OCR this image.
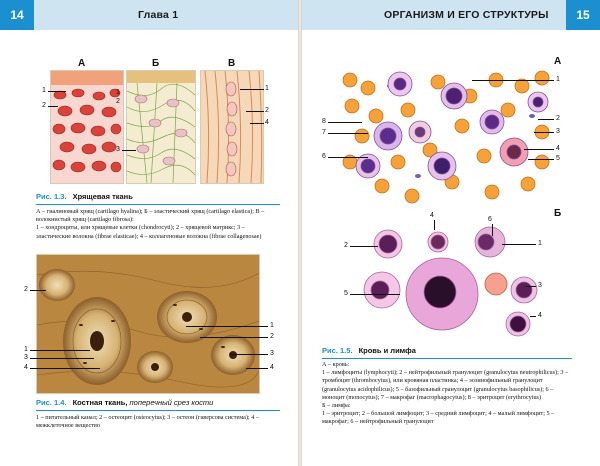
14	Глава 1
А	Б	В
1
2
1
2
3
1
2
4
Рис. 1.3. Хрящевая ткань
А – гиалиновый хрящ (cartilago hyalina); Б – эластический хрящ (cartilago elastica); В – волокнистый хрящ (cartilago fibrosa):
1 – хондроциты, или хрящевые клетки (chondrocyti); 2 – хрящевой матрикс; 3 – эластические волокна (fibrae elasticae); 4 – коллагеновые волокна (fibrae collagenosae)
2
1
3
4
1
2
3
4
Рис. 1.4. Костная ткань, поперечный срез кости
1 – питательный канал; 2 – остеоцит (osteocytus); 3 – остеон (гаверсова система); 4 – межклеточное вещество
15
ОРГАНИЗМ И ЕГО СТРУКТУРЫ
А
8
7
6
1
2
3
4
5
Б
4
6
1
2
3
5
4
Рис. 1.5. Кровь и лимфа
А – кровь:
1 – лимфоциты (lymphocyti); 2 – нейтрофильный гранулоцит (granulocytus neutrophilicus); 3 – тромбоцит (thrombocytus), или кровяная пластинка; 4 – эозинофильный гранулоцит (granulocytus acidophilicus); 5 – базофильный гранулоцит (granulocytus basophilicus); 6 – моноцит (monocytus); 7 – макрофаг (macrophagocytus); 8 – эритроцит (erythrocytus)
Б – лимфа:
1 – эритроцит; 2 – большой лимфоцит; 3 – средний лимфоцит; 4 – малый лимфоцит; 5 – макрофаг; 6 – нейтрофильный гранулоцит
